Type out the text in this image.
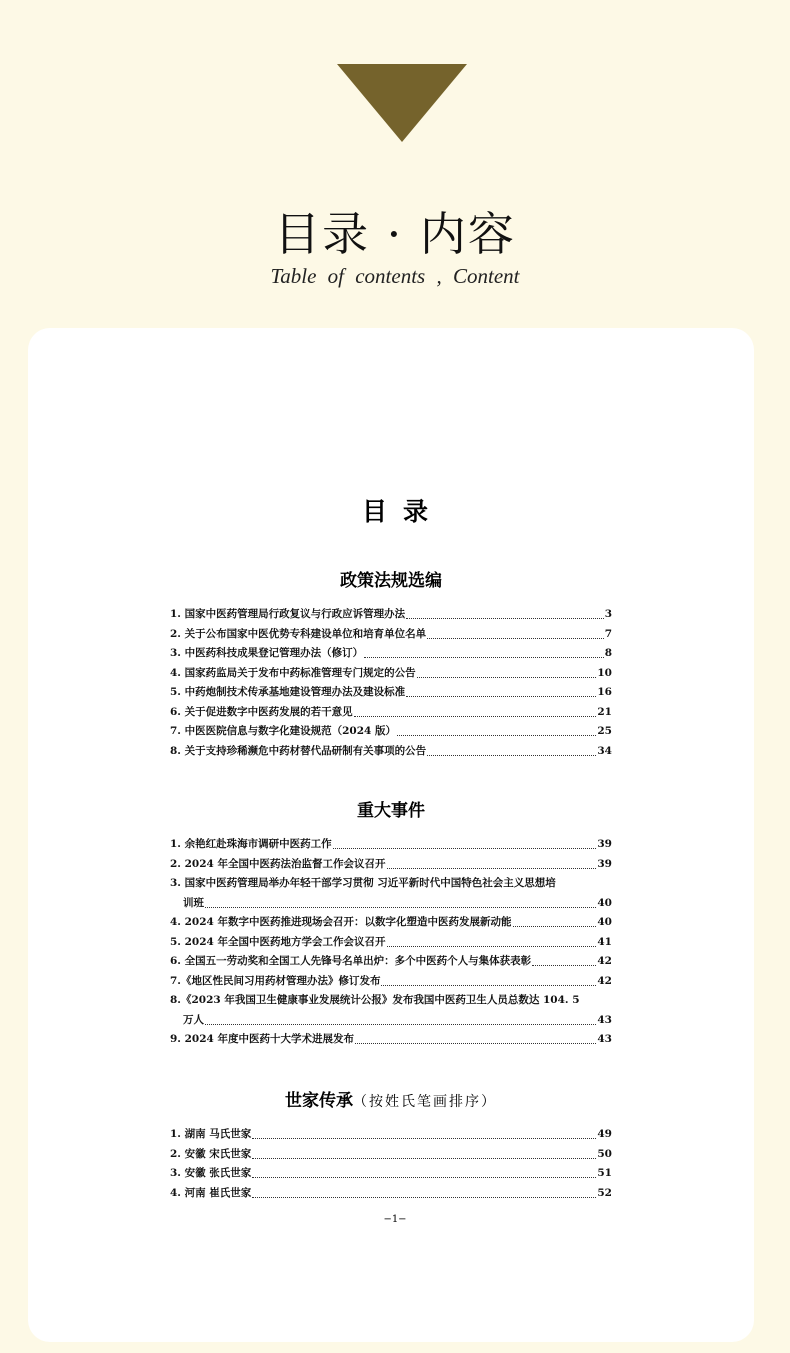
目录 · 内容
Table of contents , Content
目录
政策法规选编
1. 国家中医药管理局行政复议与行政应诉管理办法	3
2. 关于公布国家中医优势专科建设单位和培育单位名单	7
3. 中医药科技成果登记管理办法（修订）	8
4. 国家药监局关于发布中药标准管理专门规定的公告	10
5. 中药炮制技术传承基地建设管理办法及建设标准	16
6. 关于促进数字中医药发展的若干意见	21
7. 中医医院信息与数字化建设规范（2024 版）	25
8. 关于支持珍稀濒危中药材替代品研制有关事项的公告	34
重大事件
1. 余艳红赴珠海市调研中医药工作	39
2. 2024 年全国中医药法治监督工作会议召开	39
3. 国家中医药管理局举办年轻干部学习贯彻 习近平新时代中国特色社会主义思想培
训班	40
4. 2024 年数字中医药推进现场会召开：以数字化塑造中医药发展新动能	40
5. 2024 年全国中医药地方学会工作会议召开	41
6. 全国五一劳动奖和全国工人先锋号名单出炉：多个中医药个人与集体获表彰	42
7.《地区性民间习用药材管理办法》修订发布	42
8.《2023 年我国卫生健康事业发展统计公报》发布我国中医药卫生人员总数达 104. 5
万人	43
9. 2024 年度中医药十大学术进展发布	43
世家传承（按姓氏笔画排序）
1. 湖南 马氏世家	49
2. 安徽 宋氏世家	50
3. 安徽 张氏世家	51
4. 河南 崔氏世家	52
−1−
